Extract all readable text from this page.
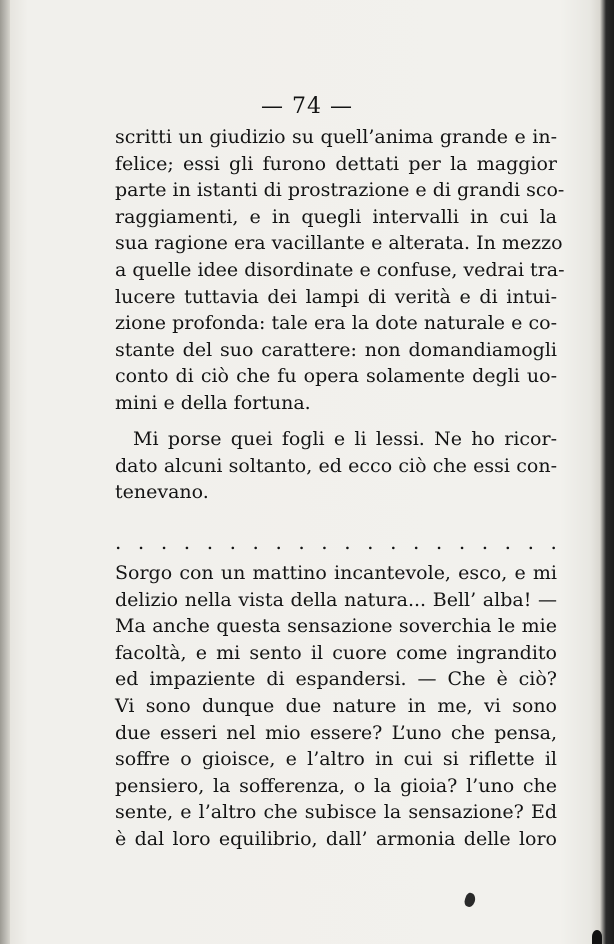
— 74 —
scritti un giudizio su quell’anima grande e in-
felice; essi gli furono dettati per la maggior
parte in istanti di prostrazione e di grandi sco-
raggiamenti, e in quegli intervalli in cui la
sua ragione era vacillante e alterata. In mezzo
a quelle idee disordinate e confuse, vedrai tra-
lucere tuttavia dei lampi di verità e di intui-
zione profonda: tale era la dote naturale e co-
stante del suo carattere: non domandiamogli
conto di ciò che fu opera solamente degli uo-
mini e della fortuna.
Mi porse quei fogli e li lessi. Ne ho ricor-
dato alcuni soltanto, ed ecco ciò che essi con-
tenevano.
. . . . . . . . . . . . . . . . . . . .
Sorgo con un mattino incantevole, esco, e mi
delizio nella vista della natura... Bell’ alba! —
Ma anche questa sensazione soverchia le mie
facoltà, e mi sento il cuore come ingrandito
ed impaziente di espandersi. — Che è ciò?
Vi sono dunque due nature in me, vi sono
due esseri nel mio essere? L’uno che pensa,
soffre o gioisce, e l’altro in cui si riflette il
pensiero, la sofferenza, o la gioia? l’uno che
sente, e l’altro che subisce la sensazione? Ed
è dal loro equilibrio, dall’ armonia delle loro
